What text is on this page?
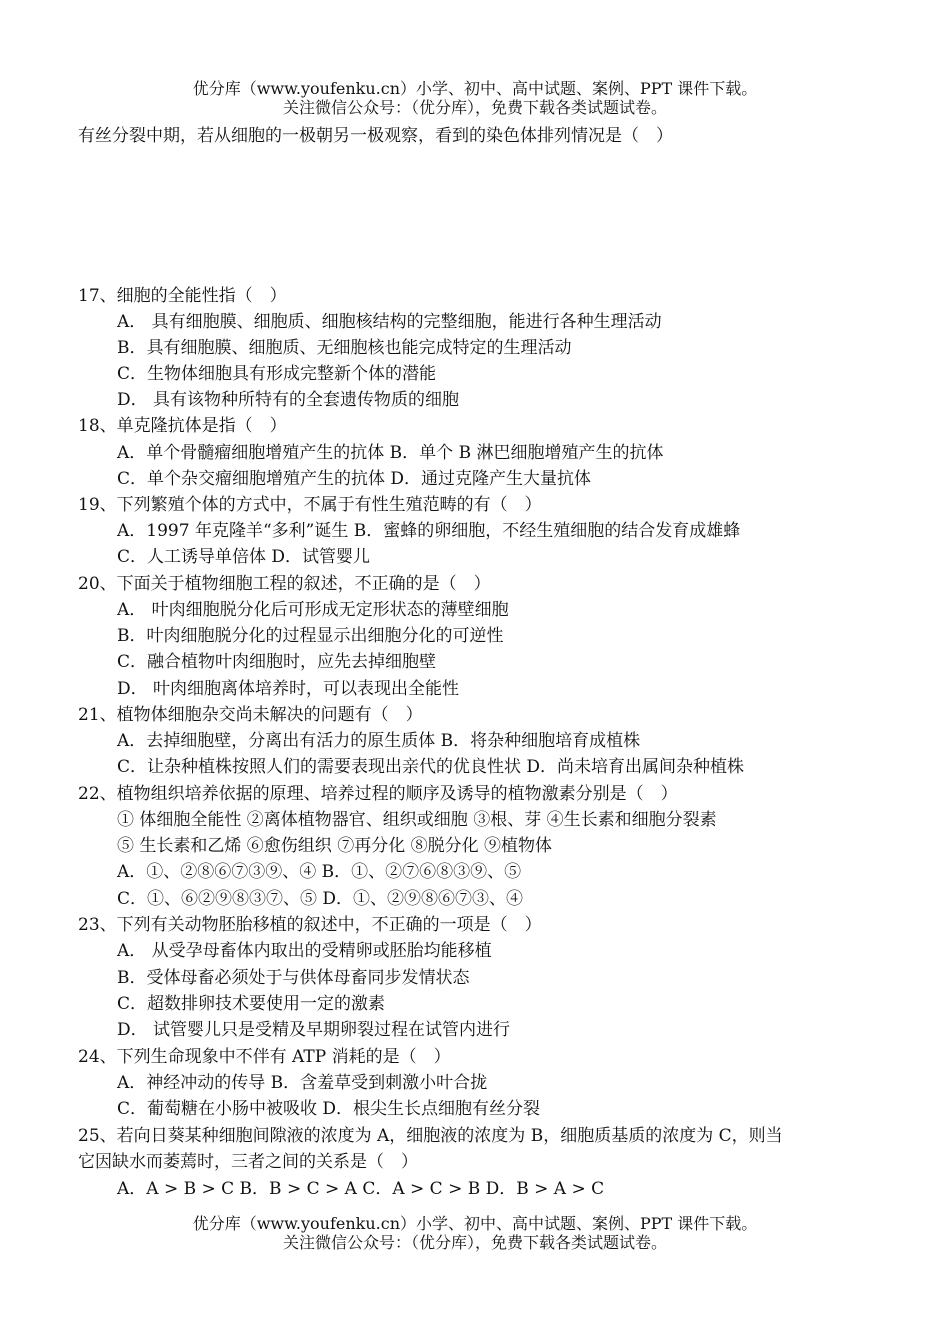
优分库（www.youfenku.cn）小学、初中、高中试题、案例、PPT 课件下载。
关注微信公众号：（优分库），免费下载各类试题试卷。
有丝分裂中期，若从细胞的一极朝另一极观察，看到的染色体排列情况是（　）
17、细胞的全能性指（　）
A． 具有细胞膜、细胞质、细胞核结构的完整细胞，能进行各种生理活动
B．具有细胞膜、细胞质、无细胞核也能完成特定的生理活动
C．生物体细胞具有形成完整新个体的潜能
D． 具有该物种所特有的全套遗传物质的细胞
18、单克隆抗体是指（　）
A．单个骨髓瘤细胞增殖产生的抗体 B．单个 B 淋巴细胞增殖产生的抗体
C．单个杂交瘤细胞增殖产生的抗体 D．通过克隆产生大量抗体
19、下列繁殖个体的方式中，不属于有性生殖范畴的有（　）
A．1997 年克隆羊“多利”诞生 B．蜜蜂的卵细胞，不经生殖细胞的结合发育成雄蜂
C．人工诱导单倍体 D．试管婴儿
20、下面关于植物细胞工程的叙述，不正确的是（　）
A． 叶肉细胞脱分化后可形成无定形状态的薄壁细胞
B．叶肉细胞脱分化的过程显示出细胞分化的可逆性
C．融合植物叶肉细胞时，应先去掉细胞壁
D． 叶肉细胞离体培养时，可以表现出全能性
21、植物体细胞杂交尚未解决的问题有（　）
A．去掉细胞壁，分离出有活力的原生质体 B．将杂种细胞培育成植株
C．让杂种植株按照人们的需要表现出亲代的优良性状 D．尚未培育出属间杂种植株
22、植物组织培养依据的原理、培养过程的顺序及诱导的植物激素分别是（　）
① 体细胞全能性 ②离体植物器官、组织或细胞 ③根、芽 ④生长素和细胞分裂素
⑤ 生长素和乙烯 ⑥愈伤组织 ⑦再分化 ⑧脱分化 ⑨植物体
A．①、②⑧⑥⑦③⑨、④ B．①、②⑦⑥⑧③⑨、⑤
C．①、⑥②⑨⑧③⑦、⑤ D．①、②⑨⑧⑥⑦③、④
23、下列有关动物胚胎移植的叙述中，不正确的一项是（　）
A． 从受孕母畜体内取出的受精卵或胚胎均能移植
B．受体母畜必须处于与供体母畜同步发情状态
C．超数排卵技术要使用一定的激素
D． 试管婴儿只是受精及早期卵裂过程在试管内进行
24、下列生命现象中不伴有 ATP 消耗的是（　）
A．神经冲动的传导 B．含羞草受到刺激小叶合拢
C．葡萄糖在小肠中被吸收 D．根尖生长点细胞有丝分裂
25、若向日葵某种细胞间隙液的浓度为 A，细胞液的浓度为 B，细胞质基质的浓度为 C，则当
它因缺水而萎蔫时，三者之间的关系是（　）
A．A > B > C B．B > C > A C．A > C > B D．B > A > C
优分库（www.youfenku.cn）小学、初中、高中试题、案例、PPT 课件下载。
关注微信公众号：（优分库），免费下载各类试题试卷。
